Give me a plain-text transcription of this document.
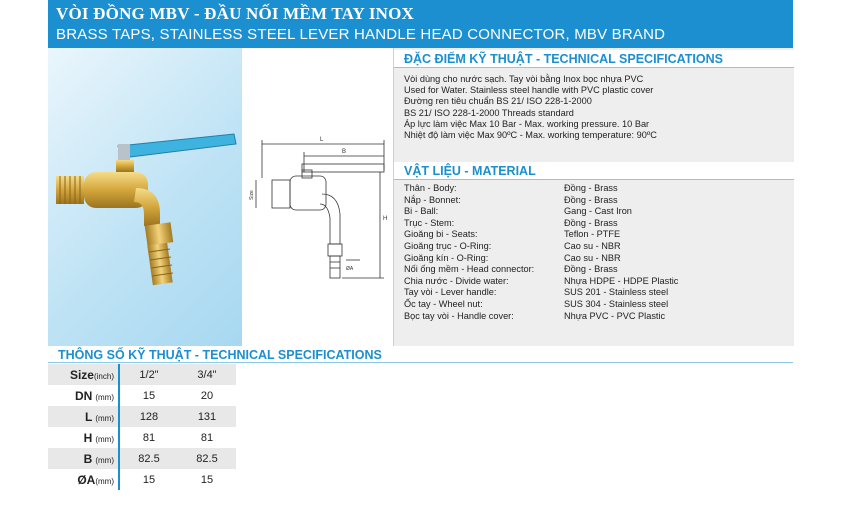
VÒI ĐỒNG MBV - ĐẦU NỐI MỀM TAY INOX
BRASS TAPS, STAINLESS STEEL LEVER HANDLE HEAD CONNECTOR, MBV BRAND
L
B
H
Size
ØA
ĐẶC ĐIỂM KỸ THUẬT - TECHNICAL SPECIFICATIONS
Vòi dùng cho nước sạch. Tay vòi bằng Inox bọc nhựa PVC
Used for Water. Stainless steel handle with PVC plastic cover
Đường ren tiêu chuẩn BS 21/ ISO 228-1-2000
BS 21/ ISO 228-1-2000 Threads standard
Áp lực làm việc Max 10 Bar - Max. working pressure. 10 Bar
Nhiệt độ làm việc Max 90ºC - Max. working temperature: 90ºC
VẬT LIỆU - MATERIAL
Thân - Body:	Đồng - Brass
Nắp - Bonnet:	Đồng - Brass
Bi - Ball:	Gang - Cast Iron
Trục - Stem:	Đồng - Brass
Gioăng bi - Seats:	Teflon - PTFE
Gioăng trục - O-Ring:	Cao su - NBR
Gioăng kín - O-Ring:	Cao su - NBR
Nối ống mềm - Head connector:	Đồng - Brass
Chia nước - Divide water:	Nhựa HDPE - HDPE Plastic
Tay vòi - Lever handle:	SUS 201 - Stainless steel
Ốc tay - Wheel nut:	SUS 304 - Stainless steel
Bọc tay vòi - Handle cover:	Nhựa PVC - PVC Plastic
THÔNG SỐ KỸ THUẬT - TECHNICAL SPECIFICATIONS
Size(inch)	1/2"	3/4"
DN (mm)	15	20
L (mm)	128	131
H (mm)	81	81
B (mm)	82.5	82.5
ØA(mm)	15	15
